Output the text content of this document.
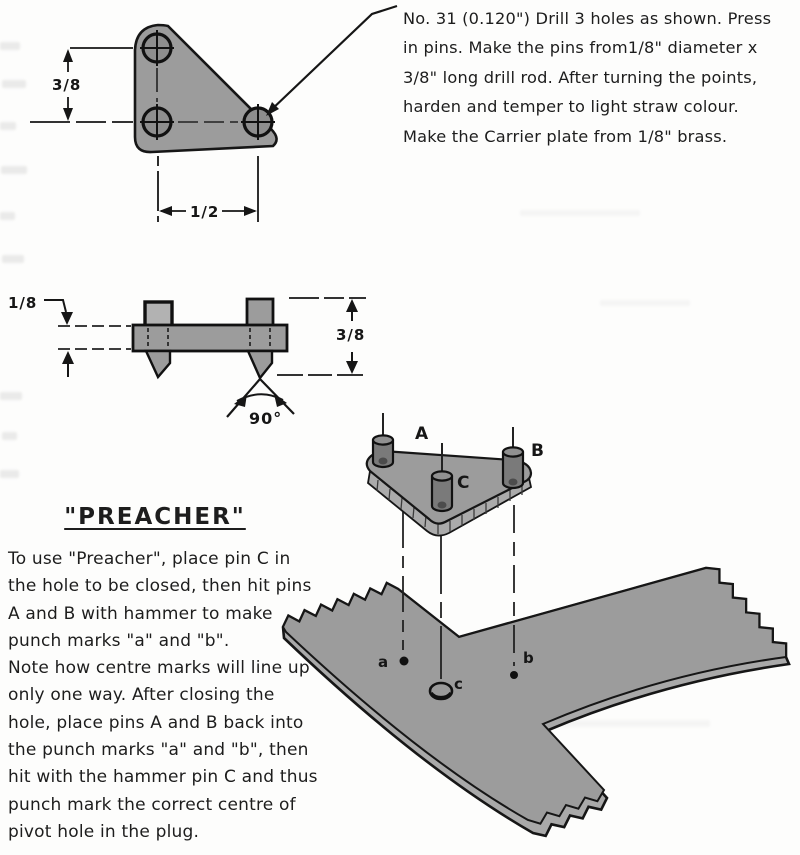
3/8
1/2
1/8
3/8
90°
a	b
c
A
B
C
No. 31 (0.120") Drill 3 holes as shown. Press
in pins. Make the pins from1/8" diameter x
3/8" long drill rod. After turning the points,
harden and temper to light straw colour.
Make the Carrier plate from 1/8" brass.
"PREACHER"
To use "Preacher", place pin C in
the hole to be closed, then hit pins
A and B with hammer to make
punch marks "a" and "b".
Note how centre marks will line up
only one way. After closing the
hole, place pins A and B back into
the punch marks "a" and "b", then
hit with the hammer pin C and thus
punch mark the correct centre of
pivot hole in the plug.
